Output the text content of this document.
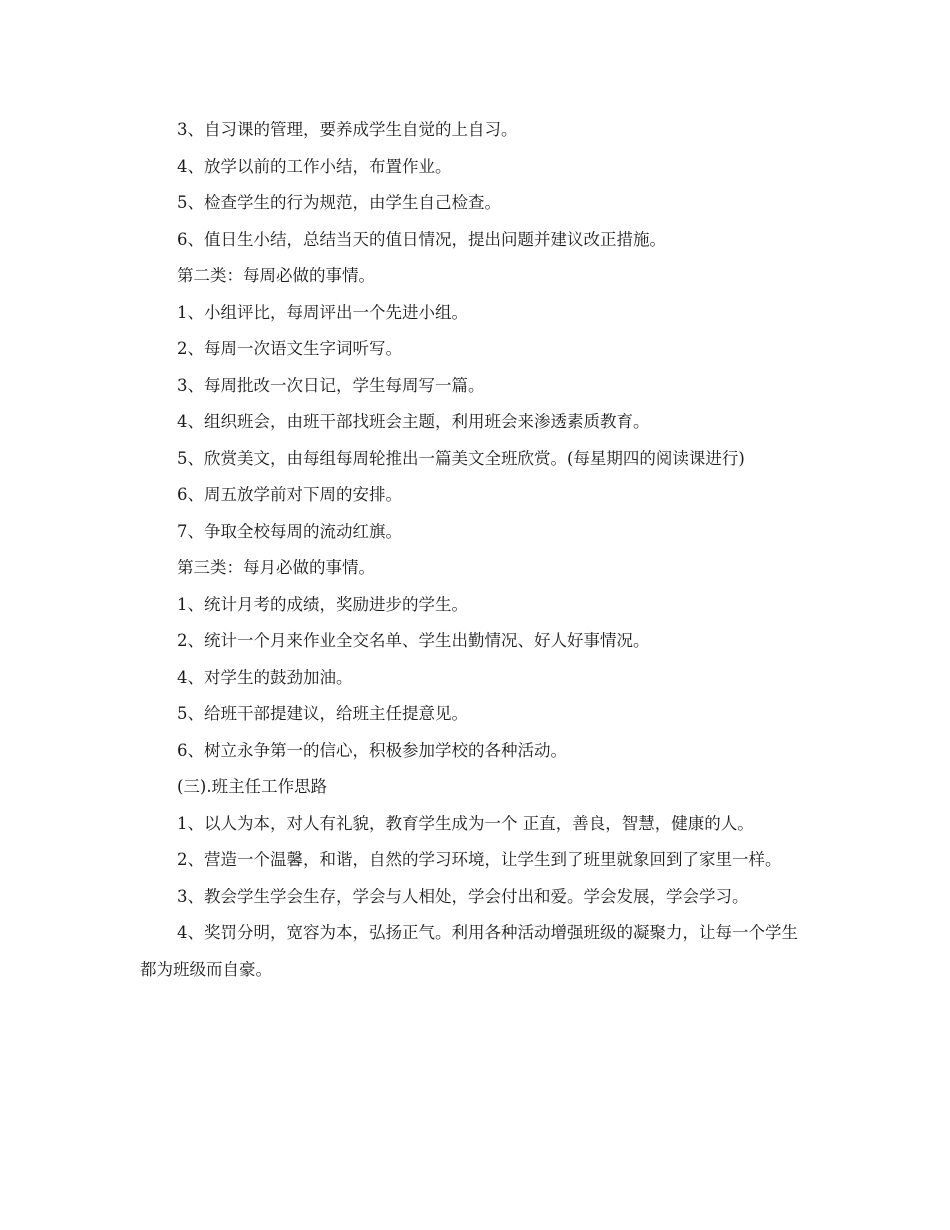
3、自习课的管理，要养成学生自觉的上自习。

4、放学以前的工作小结，布置作业。

5、检查学生的行为规范，由学生自己检查。

6、值日生小结，总结当天的值日情况，提出问题并建议改正措施。

第二类：每周必做的事情。

1、小组评比，每周评出一个先进小组。

2、每周一次语文生字词听写。

3、每周批改一次日记，学生每周写一篇。

4、组织班会，由班干部找班会主题，利用班会来渗透素质教育。

5、欣赏美文，由每组每周轮推出一篇美文全班欣赏。(每星期四的阅读课进行)

6、周五放学前对下周的安排。

7、争取全校每周的流动红旗。

第三类：每月必做的事情。

1、统计月考的成绩，奖励进步的学生。

2、统计一个月来作业全交名单、学生出勤情况、好人好事情况。

4、对学生的鼓劲加油。

5、给班干部提建议，给班主任提意见。

6、树立永争第一的信心，积极参加学校的各种活动。

(三).班主任工作思路

1、以人为本，对人有礼貌，教育学生成为一个 正直，善良，智慧，健康的人。

2、营造一个温馨，和谐，自然的学习环境，让学生到了班里就象回到了家里一样。

3、教会学生学会生存，学会与人相处，学会付出和爱。学会发展，学会学习。

4、奖罚分明，宽容为本，弘扬正气。利用各种活动增强班级的凝聚力，让每一个学生都为班级而自豪。
